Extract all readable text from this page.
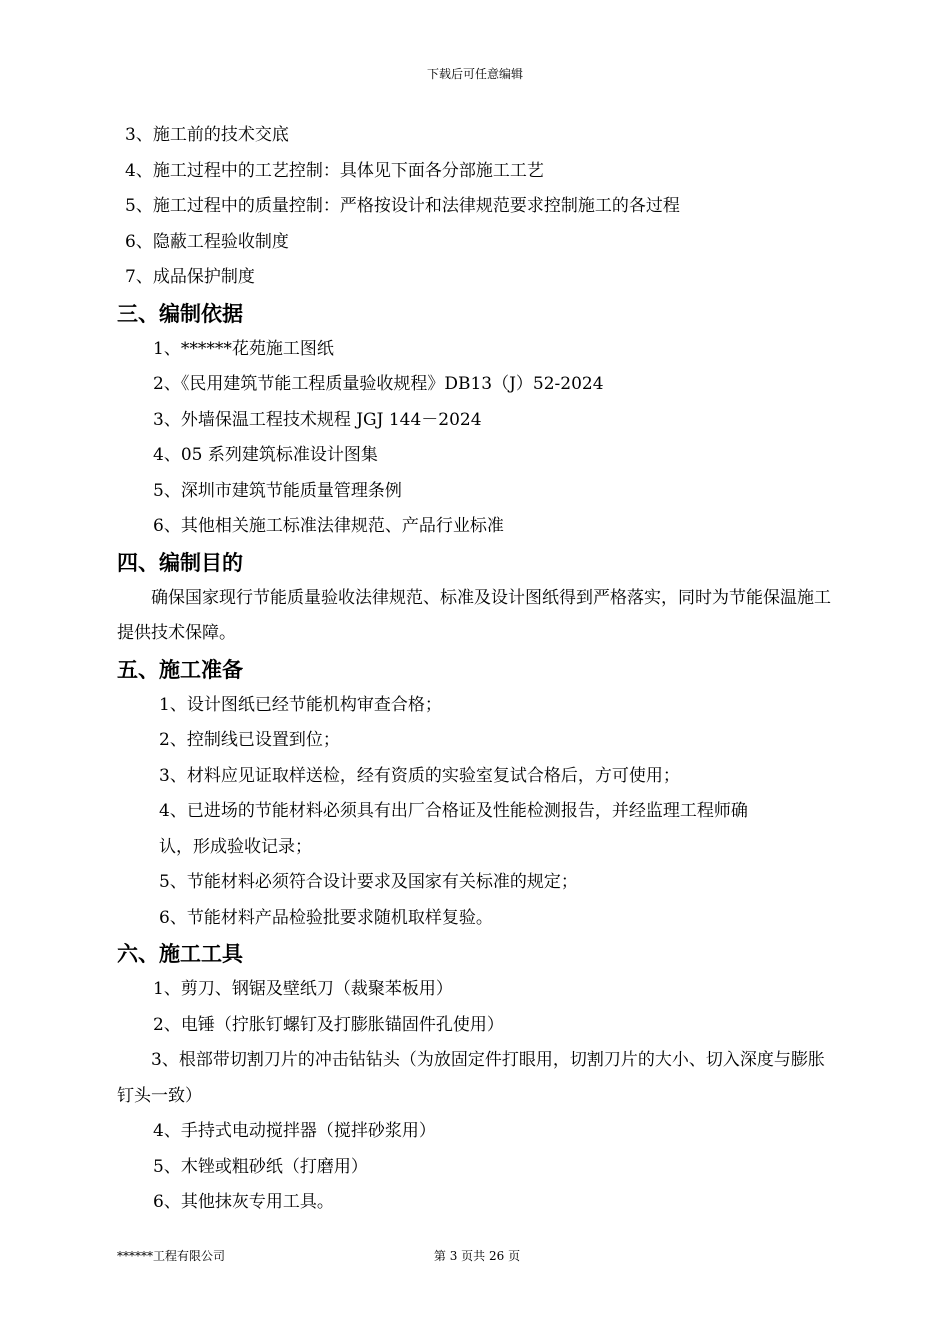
下载后可任意编辑
3、施工前的技术交底
4、施工过程中的工艺控制：具体见下面各分部施工工艺
5、施工过程中的质量控制：严格按设计和法律规范要求控制施工的各过程
6、隐蔽工程验收制度
7、成品保护制度
三、编制依据
1、******花苑施工图纸
2、《民用建筑节能工程质量验收规程》DB13（J）52-2024
3、外墙保温工程技术规程 JGJ 144－2024
4、05 系列建筑标准设计图集
5、深圳市建筑节能质量管理条例
6、其他相关施工标准法律规范、产品行业标准
四、编制目的
确保国家现行节能质量验收法律规范、标准及设计图纸得到严格落实，同时为节能保温施工提供技术保障。
五、施工准备
1、设计图纸已经节能机构审查合格；
2、控制线已设置到位；
3、材料应见证取样送检，经有资质的实验室复试合格后，方可使用；
4、已进场的节能材料必须具有出厂合格证及性能检测报告，并经监理工程师确
认，形成验收记录；
5、节能材料必须符合设计要求及国家有关标准的规定；
6、节能材料产品检验批要求随机取样复验。
六、施工工具
1、剪刀、钢锯及壁纸刀（裁聚苯板用）
2、电锤（拧胀钉螺钉及打膨胀锚固件孔使用）
3、根部带切割刀片的冲击钻钻头（为放固定件打眼用，切割刀片的大小、切入深度与膨胀钉头一致）
4、手持式电动搅拌器（搅拌砂浆用）
5、木锉或粗砂纸（打磨用）
6、其他抹灰专用工具。
******工程有限公司	第 3 页共 26 页
